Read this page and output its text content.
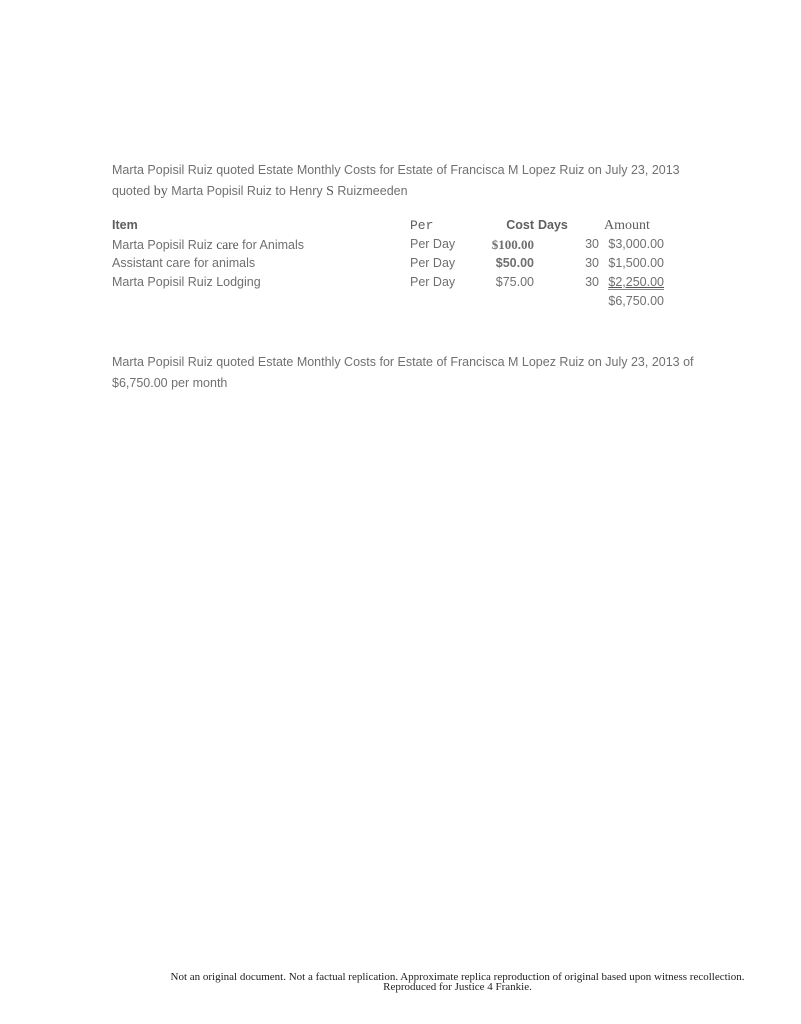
Marta Popisil Ruiz quoted Estate Monthly Costs for Estate of Francisca M Lopez Ruiz on July 23, 2013
quoted by Marta Popisil Ruiz to Henry S Ruizmeeden
Item	Per	Cost Days	Amount
Marta Popisil Ruiz care for Animals	Per Day	$100.00	30 $3,000.00
Assistant care for animals	Per Day	$50.00	30 $1,500.00
Marta Popisil Ruiz Lodging	Per Day	$75.00	30 $2,250.00
$6,750.00
Marta Popisil Ruiz quoted Estate Monthly Costs for Estate of Francisca M Lopez Ruiz on July 23, 2013 of
$6,750.00 per month
Not an original document. Not a factual replication. Approximate replica reproduction of original based upon witness recollection.
Reproduced for Justice 4 Frankie.
